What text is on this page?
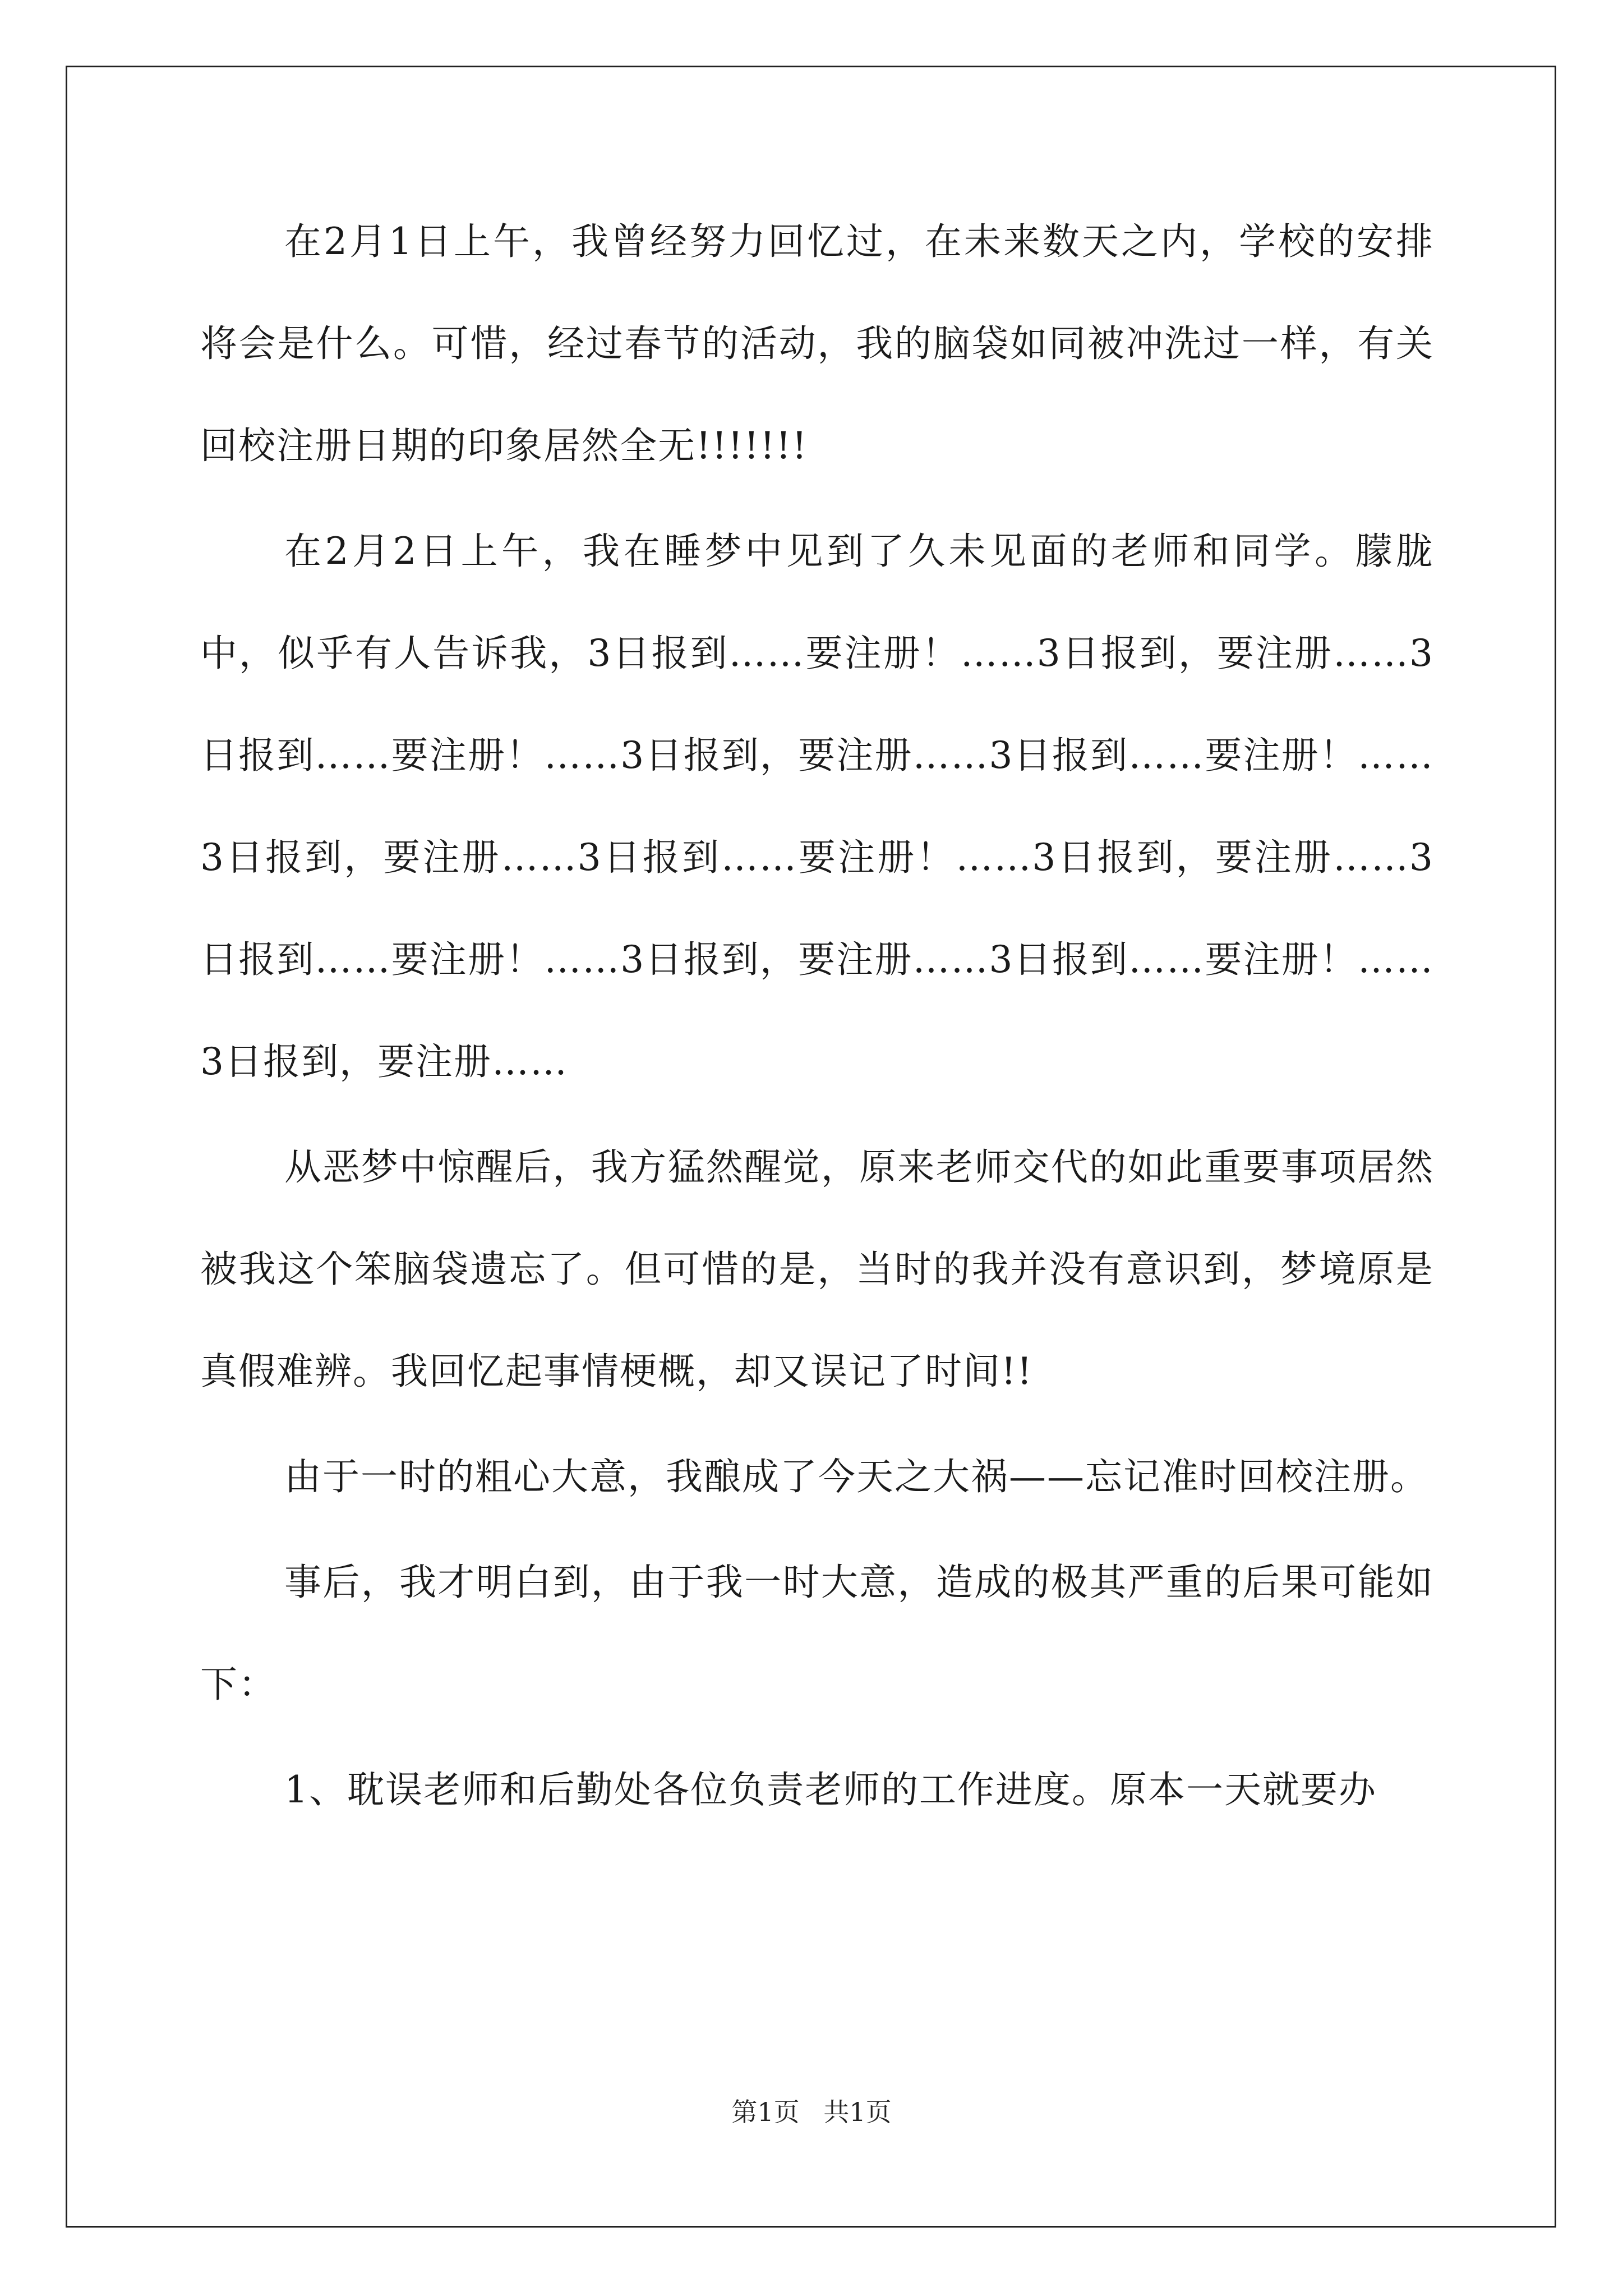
在2月1日上午，我曾经努力回忆过，在未来数天之内，学校的安排将会是什么。可惜，经过春节的活动，我的脑袋如同被冲洗过一样，有关回校注册日期的印象居然全无!!!!!!!

在2月2日上午，我在睡梦中见到了久未见面的老师和同学。朦胧中，似乎有人告诉我，3日报到……要注册！……3日报到，要注册……3日报到……要注册！……3日报到，要注册……3日报到……要注册！……3日报到，要注册……3日报到……要注册！……3日报到，要注册……3日报到……要注册！……3日报到，要注册……3日报到……要注册！……3日报到，要注册……

从恶梦中惊醒后，我方猛然醒觉，原来老师交代的如此重要事项居然被我这个笨脑袋遗忘了。但可惜的是，当时的我并没有意识到，梦境原是真假难辨。我回忆起事情梗概，却又误记了时间!!

由于一时的粗心大意，我酿成了今天之大祸——忘记准时回校注册。

事后，我才明白到，由于我一时大意，造成的极其严重的后果可能如下：

1、耽误老师和后勤处各位负责老师的工作进度。原本一天就要办

第1页 共1页
